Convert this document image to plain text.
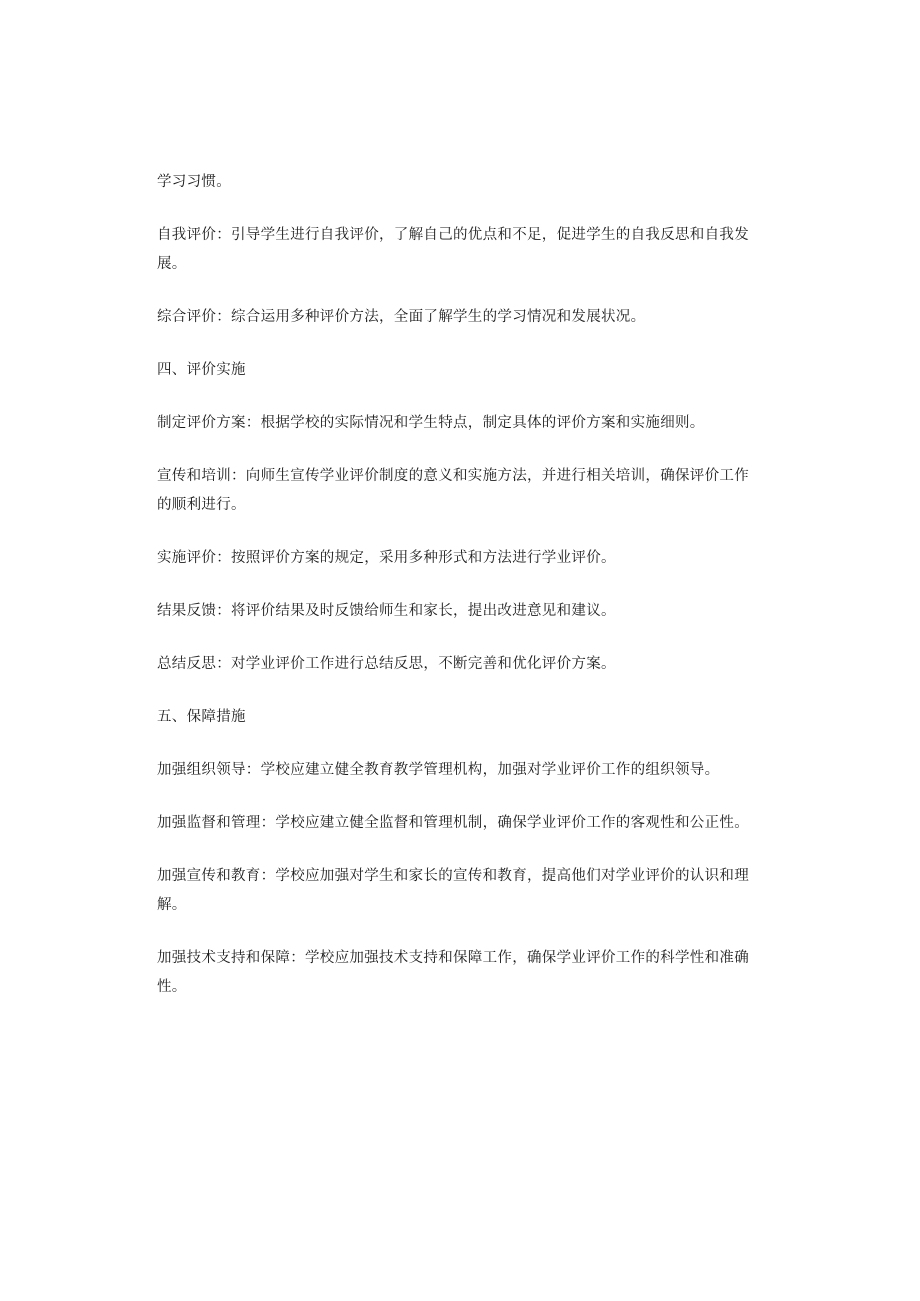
学习习惯。

自我评价：引导学生进行自我评价，了解自己的优点和不足，促进学生的自我反思和自我发展。

综合评价：综合运用多种评价方法，全面了解学生的学习情况和发展状况。

四、评价实施

制定评价方案：根据学校的实际情况和学生特点，制定具体的评价方案和实施细则。

宣传和培训：向师生宣传学业评价制度的意义和实施方法，并进行相关培训，确保评价工作的顺利进行。

实施评价：按照评价方案的规定，采用多种形式和方法进行学业评价。

结果反馈：将评价结果及时反馈给师生和家长，提出改进意见和建议。

总结反思：对学业评价工作进行总结反思，不断完善和优化评价方案。

五、保障措施

加强组织领导：学校应建立健全教育教学管理机构，加强对学业评价工作的组织领导。

加强监督和管理：学校应建立健全监督和管理机制，确保学业评价工作的客观性和公正性。

加强宣传和教育：学校应加强对学生和家长的宣传和教育，提高他们对学业评价的认识和理解。

加强技术支持和保障：学校应加强技术支持和保障工作，确保学业评价工作的科学性和准确性。
